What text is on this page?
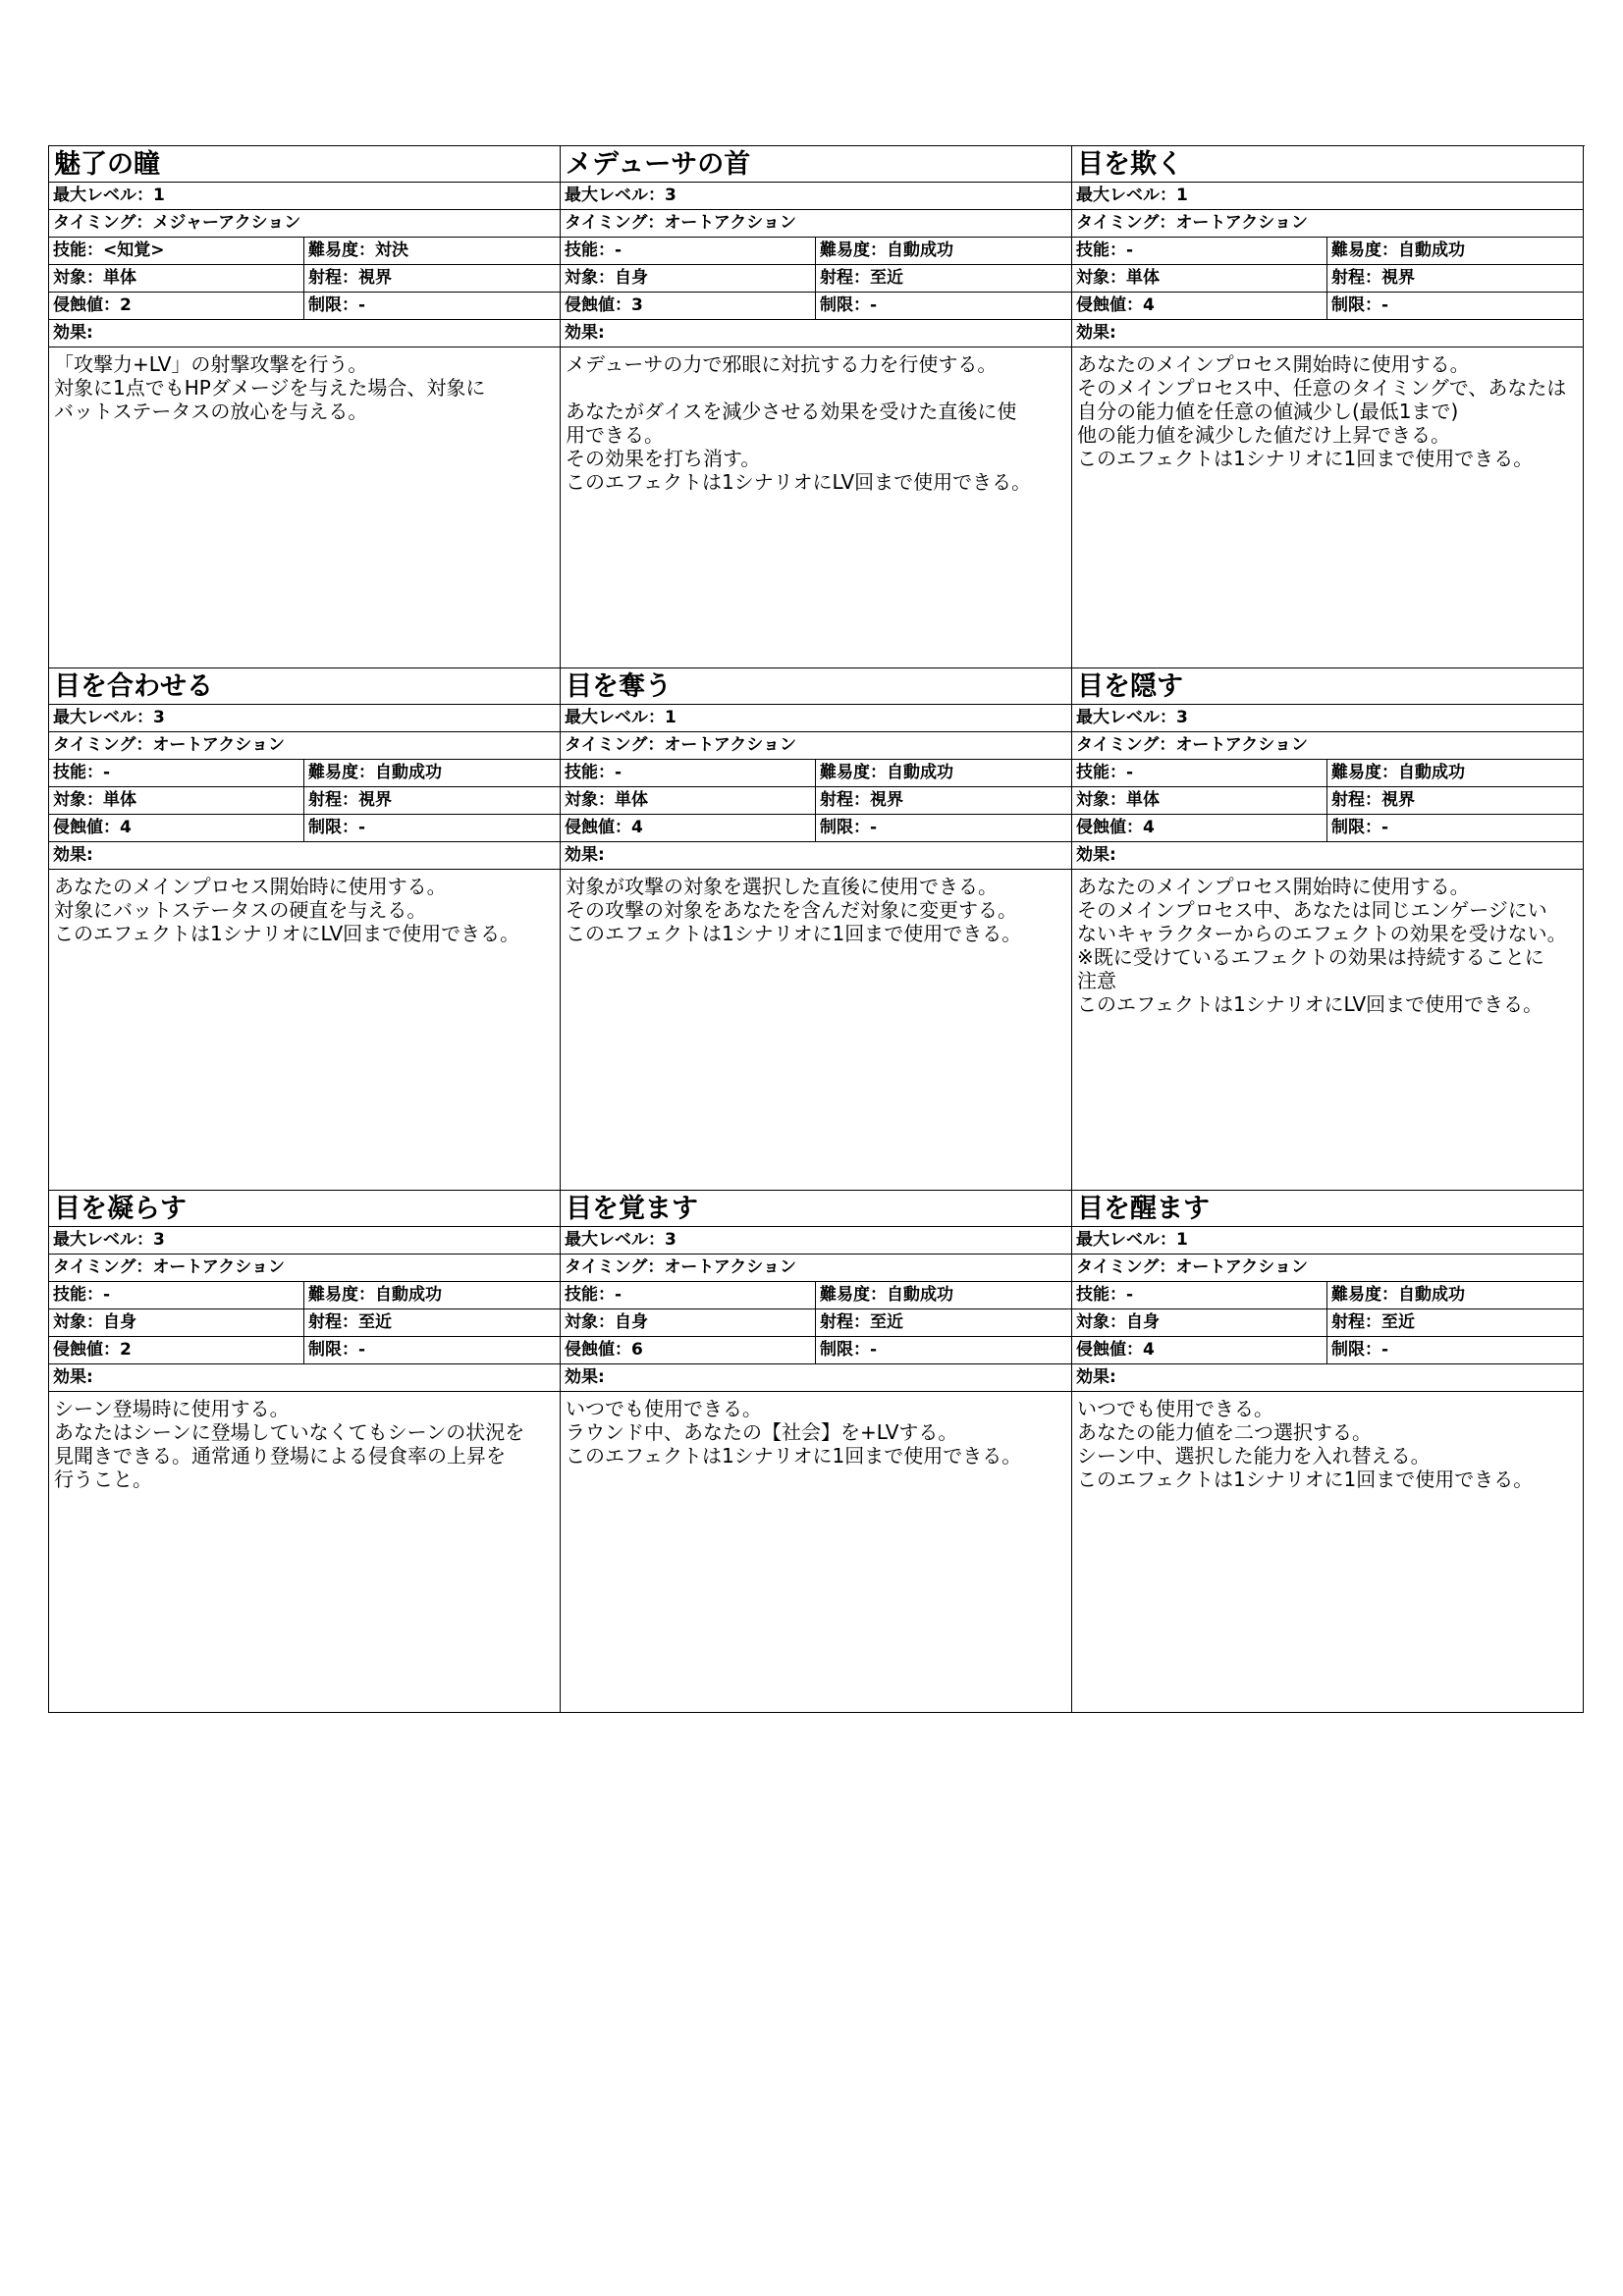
魅了の瞳
最大レベル：1
タイミング：メジャーアクション
技能：<知覚>	難易度：対決
対象：単体	射程：視界
侵蝕値：2	制限：-
効果:
「攻撃力+LV」の射撃攻撃を行う。
対象に1点でもHPダメージを与えた場合、対象に
バットステータスの放心を与える。
メデューサの首
最大レベル：3
タイミング：オートアクション
技能：-	難易度：自動成功
対象：自身	射程：至近
侵蝕値：3	制限：-
効果:
メデューサの力で邪眼に対抗する力を行使する。
あなたがダイスを減少させる効果を受けた直後に使
用できる。
その効果を打ち消す。
このエフェクトは1シナリオにLV回まで使用できる。
目を欺く
最大レベル：1
タイミング：オートアクション
技能：-	難易度：自動成功
対象：単体	射程：視界
侵蝕値：4	制限：-
効果:
あなたのメインプロセス開始時に使用する。
そのメインプロセス中、任意のタイミングで、あなたは
自分の能力値を任意の値減少し(最低1まで)
他の能力値を減少した値だけ上昇できる。
このエフェクトは1シナリオに1回まで使用できる。
目を合わせる
最大レベル：3
タイミング：オートアクション
技能：-	難易度：自動成功
対象：単体	射程：視界
侵蝕値：4	制限：-
効果:
あなたのメインプロセス開始時に使用する。
対象にバットステータスの硬直を与える。
このエフェクトは1シナリオにLV回まで使用できる。
目を奪う
最大レベル：1
タイミング：オートアクション
技能：-	難易度：自動成功
対象：単体	射程：視界
侵蝕値：4	制限：-
効果:
対象が攻撃の対象を選択した直後に使用できる。
その攻撃の対象をあなたを含んだ対象に変更する。
このエフェクトは1シナリオに1回まで使用できる。
目を隠す
最大レベル：3
タイミング：オートアクション
技能：-	難易度：自動成功
対象：単体	射程：視界
侵蝕値：4	制限：-
効果:
あなたのメインプロセス開始時に使用する。
そのメインプロセス中、あなたは同じエンゲージにい
ないキャラクターからのエフェクトの効果を受けない。
※既に受けているエフェクトの効果は持続することに
注意
このエフェクトは1シナリオにLV回まで使用できる。
目を凝らす
最大レベル：3
タイミング：オートアクション
技能：-	難易度：自動成功
対象：自身	射程：至近
侵蝕値：2	制限：-
効果:
シーン登場時に使用する。
あなたはシーンに登場していなくてもシーンの状況を
見聞きできる。通常通り登場による侵食率の上昇を
行うこと。
目を覚ます
最大レベル：3
タイミング：オートアクション
技能：-	難易度：自動成功
対象：自身	射程：至近
侵蝕値：6	制限：-
効果:
いつでも使用できる。
ラウンド中、あなたの【社会】を+LVする。
このエフェクトは1シナリオに1回まで使用できる。
目を醒ます
最大レベル：1
タイミング：オートアクション
技能：-	難易度：自動成功
対象：自身	射程：至近
侵蝕値：4	制限：-
効果:
いつでも使用できる。
あなたの能力値を二つ選択する。
シーン中、選択した能力を入れ替える。
このエフェクトは1シナリオに1回まで使用できる。
